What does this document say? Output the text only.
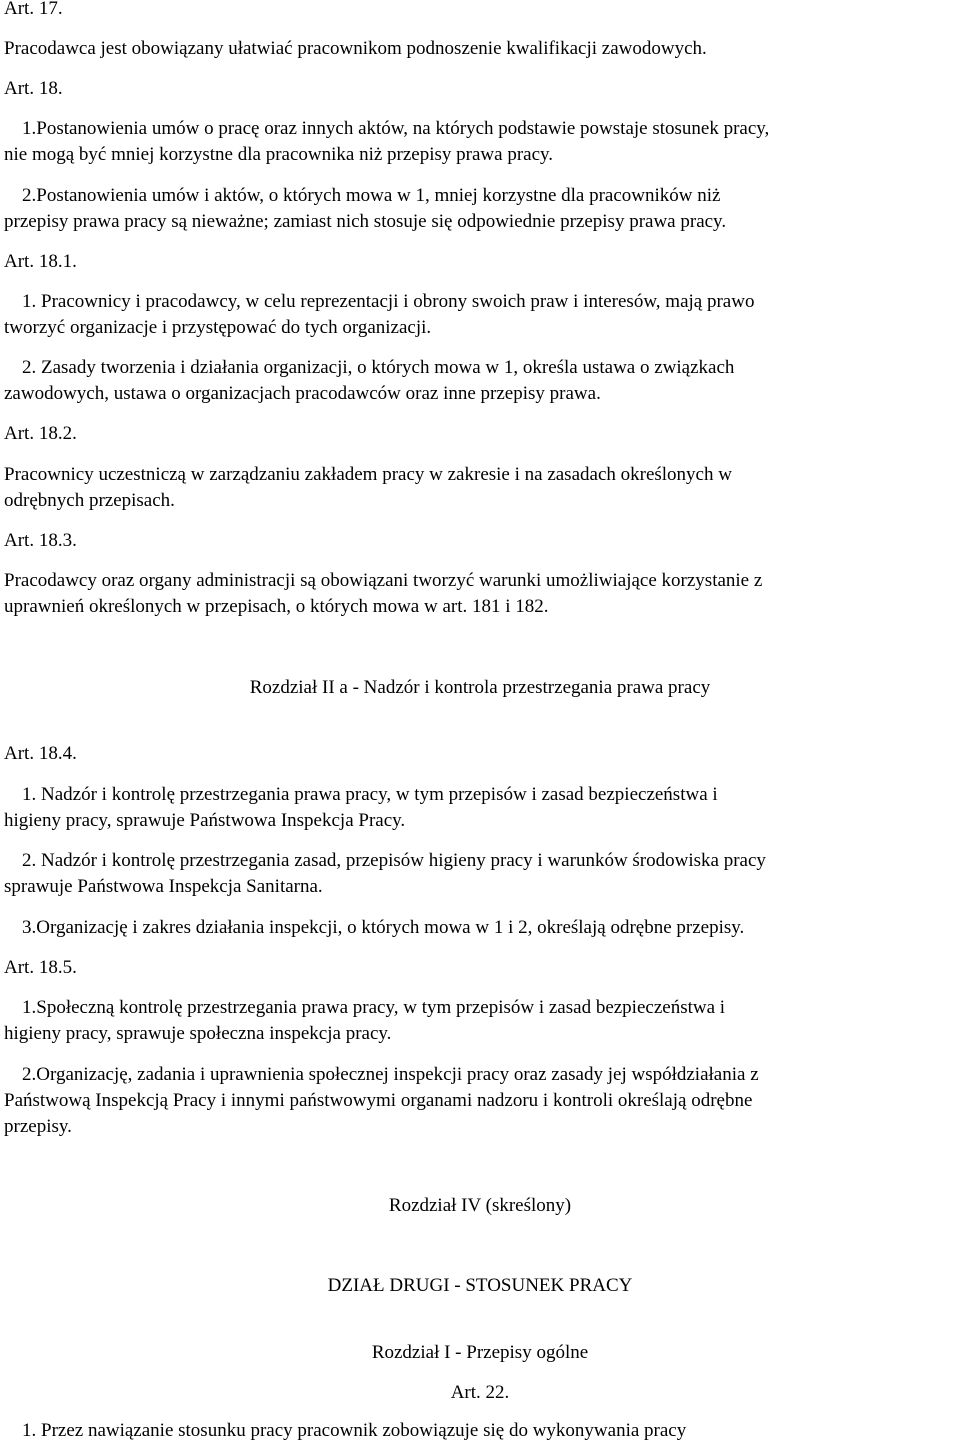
Art. 17.
Pracodawca jest obowiązany ułatwiać pracownikom podnoszenie kwalifikacji zawodowych.
Art. 18.
1.Postanowienia umów o pracę oraz innych aktów, na których podstawie powstaje stosunek pracy,
nie mogą być mniej korzystne dla pracownika niż przepisy prawa pracy.
2.Postanowienia umów i aktów, o których mowa w 1, mniej korzystne dla pracowników niż
przepisy prawa pracy są nieważne; zamiast nich stosuje się odpowiednie przepisy prawa pracy.
Art. 18.1.
1. Pracownicy i pracodawcy, w celu reprezentacji i obrony swoich praw i interesów, mają prawo
tworzyć organizacje i przystępować do tych organizacji.
2. Zasady tworzenia i działania organizacji, o których mowa w 1, określa ustawa o związkach
zawodowych, ustawa o organizacjach pracodawców oraz inne przepisy prawa.
Art. 18.2.
Pracownicy uczestniczą w zarządzaniu zakładem pracy w zakresie i na zasadach określonych w
odrębnych przepisach.
Art. 18.3.
Pracodawcy oraz organy administracji są obowiązani tworzyć warunki umożliwiające korzystanie z
uprawnień określonych w przepisach, o których mowa w art. 181 i 182.
Art. 18.4.
1. Nadzór i kontrolę przestrzegania prawa pracy, w tym przepisów i zasad bezpieczeństwa i
higieny pracy, sprawuje Państwowa Inspekcja Pracy.
2. Nadzór i kontrolę przestrzegania zasad, przepisów higieny pracy i warunków środowiska pracy
sprawuje Państwowa Inspekcja Sanitarna.
3.Organizację i zakres działania inspekcji, o których mowa w 1 i 2, określają odrębne przepisy.
Art. 18.5.
1.Społeczną kontrolę przestrzegania prawa pracy, w tym przepisów i zasad bezpieczeństwa i
higieny pracy, sprawuje społeczna inspekcja pracy.
2.Organizację, zadania i uprawnienia społecznej inspekcji pracy oraz zasady jej współdziałania z
Państwową Inspekcją Pracy i innymi państwowymi organami nadzoru i kontroli określają odrębne
przepisy.
1. Przez nawiązanie stosunku pracy pracownik zobowiązuje się do wykonywania pracy
Rozdział II a - Nadzór i kontrola przestrzegania prawa pracy
Rozdział IV (skreślony)
DZIAŁ DRUGI - STOSUNEK PRACY
Rozdział I - Przepisy ogólne
Art. 22.
